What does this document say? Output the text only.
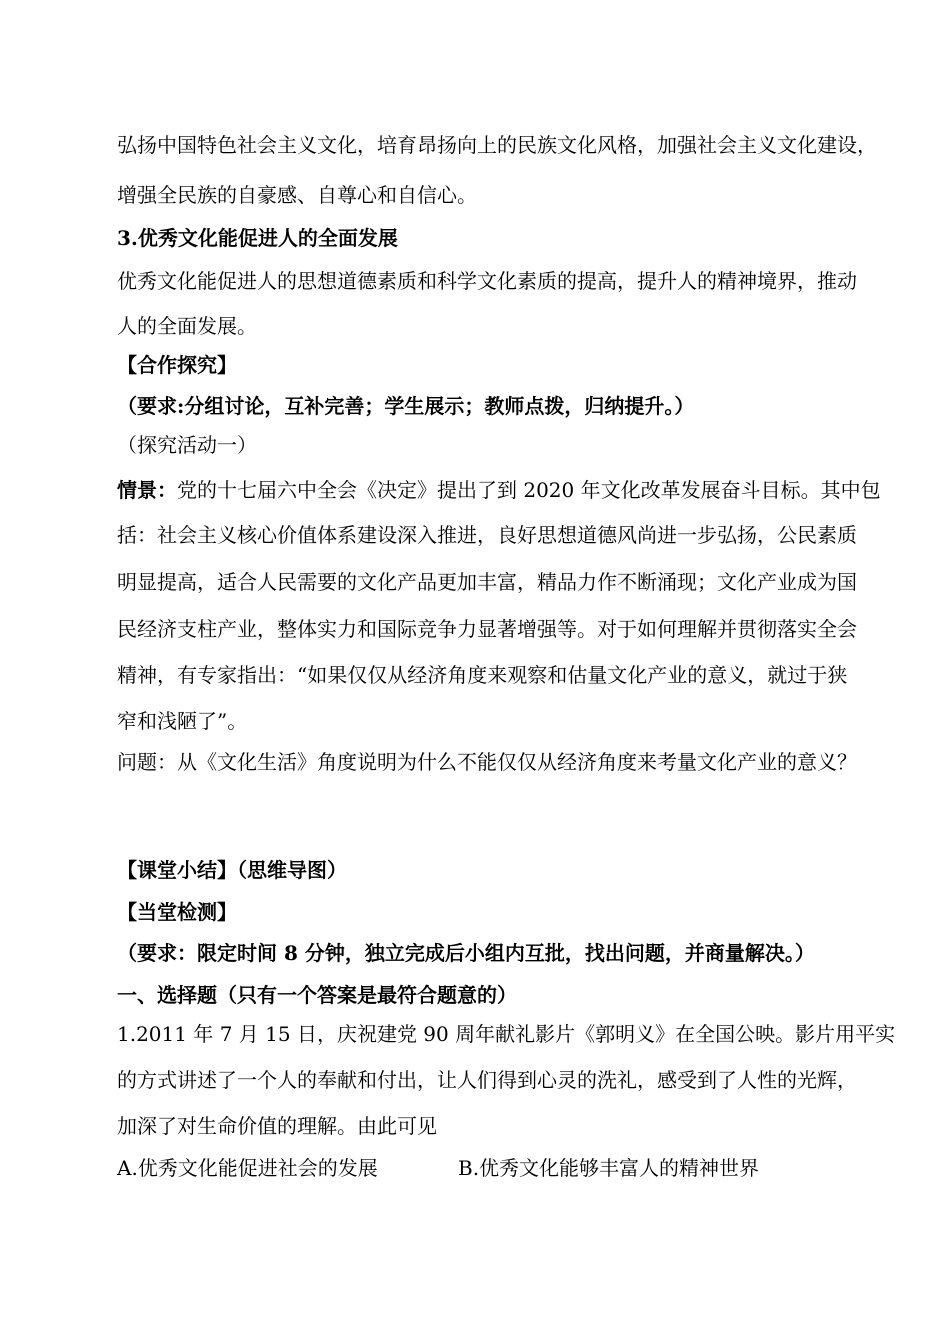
弘扬中国特色社会主义文化，培育昂扬向上的民族文化风格，加强社会主义文化建设，
增强全民族的自豪感、自尊心和自信心。
3.优秀文化能促进人的全面发展
优秀文化能促进人的思想道德素质和科学文化素质的提高，提升人的精神境界，推动
人的全面发展。
【合作探究】
（要求:分组讨论，互补完善；学生展示；教师点拨，归纳提升。）
（探究活动一）
情景：党的十七届六中全会《决定》提出了到 2020 年文化改革发展奋斗目标。其中包
括：社会主义核心价值体系建设深入推进，良好思想道德风尚进一步弘扬，公民素质
明显提高，适合人民需要的文化产品更加丰富，精品力作不断涌现；文化产业成为国
民经济支柱产业，整体实力和国际竞争力显著增强等。对于如何理解并贯彻落实全会
精神，有专家指出：“如果仅仅从经济角度来观察和估量文化产业的意义，就过于狭
窄和浅陋了”。
问题：从《文化生活》角度说明为什么不能仅仅从经济角度来考量文化产业的意义？
【课堂小结】（思维导图）
【当堂检测】
（要求：限定时间 8 分钟，独立完成后小组内互批，找出问题，并商量解决。）
一、选择题（只有一个答案是最符合题意的）
1.2011 年 7 月 15 日，庆祝建党 90 周年献礼影片《郭明义》在全国公映。影片用平实
的方式讲述了一个人的奉献和付出，让人们得到心灵的洗礼，感受到了人性的光辉，
加深了对生命价值的理解。由此可见
A.优秀文化能促进社会的发展	B.优秀文化能够丰富人的精神世界
